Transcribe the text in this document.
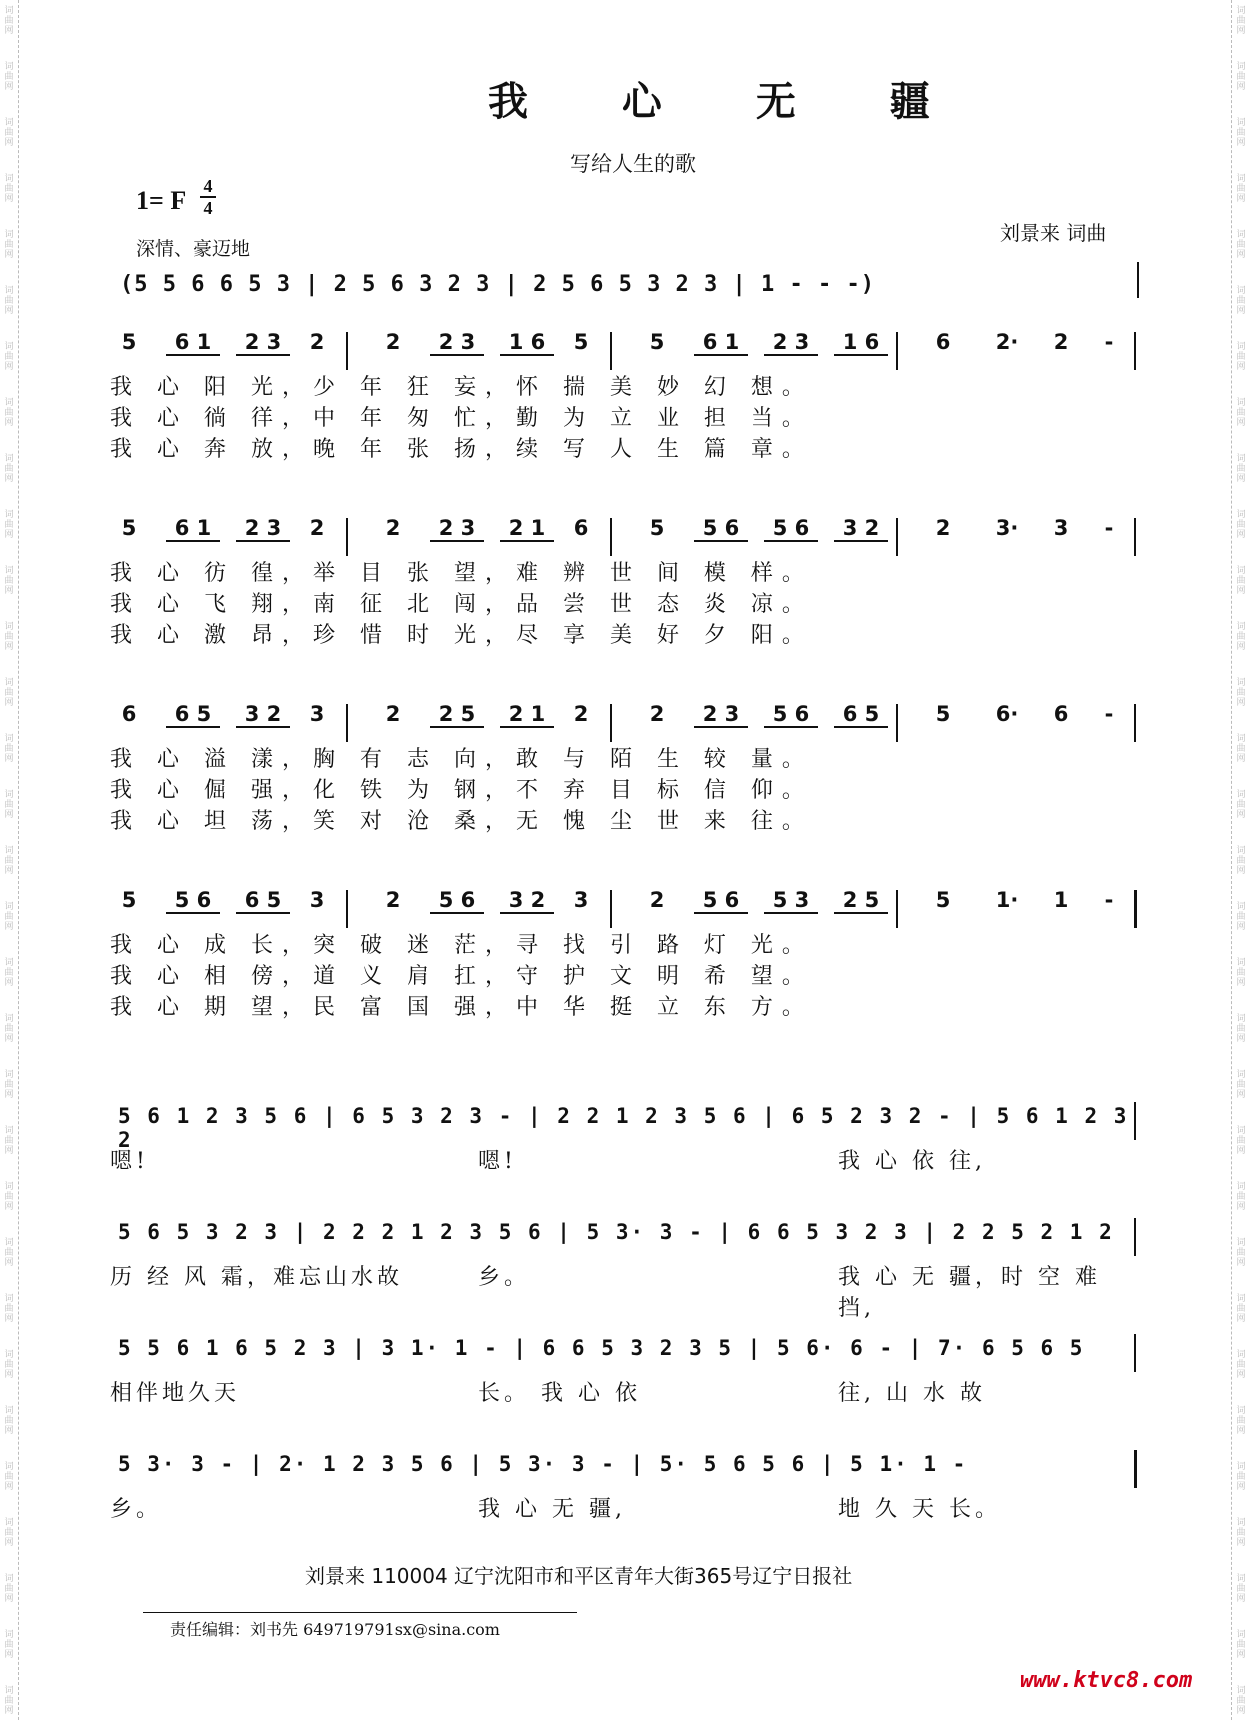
词
曲
网
词
曲
网
词
曲
网
词
曲
网
词
曲
网
词
曲
网
词
曲
网
词
曲
网
词
曲
网
词
曲
网
词
曲
网
词
曲
网
词
曲
网
词
曲
网
词
曲
网
词
曲
网
词
曲
网
词
曲
网
词
曲
网
词
曲
网
词
曲
网
词
曲
网
词
曲
网
词
曲
网
词
曲
网
词
曲
网
词
曲
网
词
曲
网
词
曲
网
词
曲
网
词
曲
网
词
曲
网
词
曲
网
词
曲
网
词
曲
网
词
曲
网
词
曲
网
词
曲
网
词
曲
网
词
曲
网
词
曲
网
词
曲
网
词
曲
网
词
曲
网
词
曲
网
词
曲
网
词
曲
网
词
曲
网
词
曲
网
词
曲
网
词
曲
网
词
曲
网
词
曲
网
词
曲
网
词
曲
网
词
曲
网
词
曲
网
词
曲
网
词
曲
网
词
曲
网
词
曲
网
词
曲
网
我 心 无 疆
写给人生的歌
1= F 4
4
深情、豪迈地
刘景来 词曲
(5 5 6 6 5 3 | 2 5 6 3 2 3 | 2 5 6 5 3 2 3 | 1 - - -)
5	6 1	2 3	2	2	2 3	1 6	5	5	6 1	2 3	1 6	6	2·	2	-
我 心 阳 光，少 年 狂 妄，怀 揣 美 妙 幻 想。
我 心 徜 徉，中 年 匆 忙，勤 为 立 业 担 当。
我 心 奔 放，晚 年 张 扬，续 写 人 生 篇 章。
5	6 1	2 3	2	2	2 3	2 1	6	5	5 6	5 6	3 2	2	3·	3	-
我 心 彷 徨，举 目 张 望，难 辨 世 间 模 样。
我 心 飞 翔，南 征 北 闯，品 尝 世 态 炎 凉。
我 心 激 昂，珍 惜 时 光，尽 享 美 好 夕 阳。
6	6 5	3 2	3	2	2 5	2 1	2	2	2 3	5 6	6 5	5	6·	6	-
我 心 溢 漾，胸 有 志 向，敢 与 陌 生 较 量。
我 心 倔 强，化 铁 为 钢，不 弃 目 标 信 仰。
我 心 坦 荡，笑 对 沧 桑，无 愧 尘 世 来 往。
5	5 6	6 5	3	2	5 6	3 2	3	2	5 6	5 3	2 5	5	1·	1	-
我 心 成 长，突 破 迷 茫，寻 找 引 路 灯 光。
我 心 相 傍，道 义 肩 扛，守 护 文 明 希 望。
我 心 期 望，民 富 国 强，中 华 挺 立 东 方。
5 6 1 2 3 5 6 | 6 5 3 2 3 - | 2 2 1 2 3 5 6 | 6 5 2 3 2 - | 5 6 1 2 3 2
嗯!	嗯!	我 心 依 往,
5 6 5 3 2 3 | 2 2 2 1 2 3 5 6 | 5 3· 3 - | 6 6 5 3 2 3 | 2 2 5 2 1 2
历 经 风 霜，难忘山水故	乡。	我 心 无 疆，时 空 难 挡,
5 5 6 1 6 5 2 3 | 3 1· 1 - | 6 6 5 3 2 3 5 | 5 6· 6 - | 7· 6 5 6 5
相伴地久天	长。 我 心 依	往, 山 水 故
5 3· 3 - | 2· 1 2 3 5 6 | 5 3· 3 - | 5· 5 6 5 6 | 5 1· 1 -
乡。	我 心 无 疆,	地 久 天 长。
刘景来 110004 辽宁沈阳市和平区青年大街365号辽宁日报社
责任编辑：刘书先 649719791sx@sina.com
www.ktvc8.com
